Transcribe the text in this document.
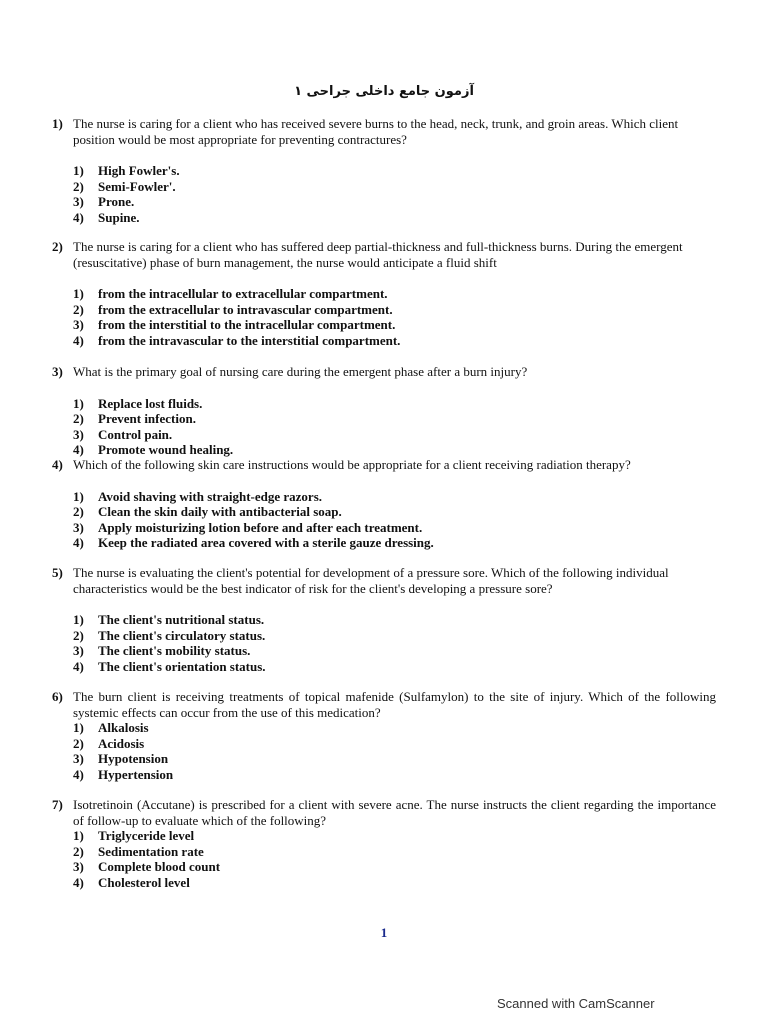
آزمون جامع داخلی جراحی ۱
1) The nurse is caring for a client who has received severe burns to the head, neck, trunk, and groin areas. Which client position would be most appropriate for preventing contractures?
1)	High Fowler's.
2)	Semi-Fowler'.
3)	Prone.
4)	Supine.
2) The nurse is caring for a client who has suffered deep partial-thickness and full-thickness burns. During the emergent (resuscitative) phase of burn management, the nurse would anticipate a fluid shift
1)	from the intracellular to extracellular compartment.
2)	from the extracellular to intravascular compartment.
3)	from the interstitial to the intracellular compartment.
4)	from the intravascular to the interstitial compartment.
3) What is the primary goal of nursing care during the emergent phase after a burn injury?
1)	Replace lost fluids.
2)	Prevent infection.
3)	Control pain.
4)	Promote wound healing.
4) Which of the following skin care instructions would be appropriate for a client receiving radiation therapy?
1)	Avoid shaving with straight-edge razors.
2)	Clean the skin daily with antibacterial soap.
3)	Apply moisturizing lotion before and after each treatment.
4)	Keep the radiated area covered with a sterile gauze dressing.
5) The nurse is evaluating the client's potential for development of a pressure sore. Which of the following individual characteristics would be the best indicator of risk for the client's developing a pressure sore?
1)	The client's nutritional status.
2)	The client's circulatory status.
3)	The client's mobility status.
4)	The client's orientation status.
6) The burn client is receiving treatments of topical mafenide (Sulfamylon) to the site of injury. Which of the following systemic effects can occur from the use of this medication?
1)	Alkalosis
2)	Acidosis
3)	Hypotension
4)	Hypertension
7) Isotretinoin (Accutane) is prescribed for a client with severe acne. The nurse instructs the client regarding the importance of follow-up to evaluate which of the following?
1)	Triglyceride level
2)	Sedimentation rate
3)	Complete blood count
4)	Cholesterol level
1
Scanned with CamScanner
